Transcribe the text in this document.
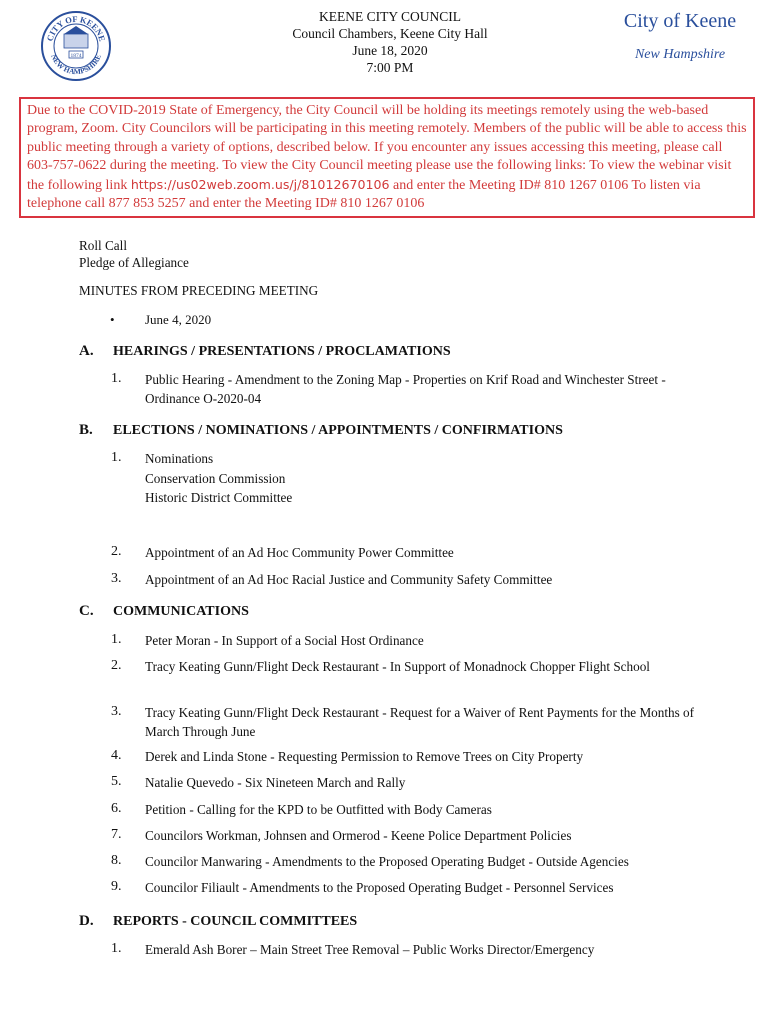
CITY OF KEENE
NEW HAMPSHIRE
1874
KEENE CITY COUNCIL
Council Chambers, Keene City Hall
June 18, 2020
7:00 PM
City of Keene
New Hampshire
Due to the COVID-2019 State of Emergency, the City Council will be holding its meetings remotely using the web-based program, Zoom. City Councilors will be participating in this meeting remotely. Members of the public will be able to access this public meeting through a variety of options, described below. If you encounter any issues accessing this meeting, please call 603-757-0622 during the meeting. To view the City Council meeting please use the following links: To view the webinar visit the following link https://us02web.zoom.us/j/81012670106 and enter the Meeting ID# 810 1267 0106 To listen via telephone call 877 853 5257 and enter the Meeting ID# 810 1267 0106
Roll Call
Pledge of Allegiance
MINUTES FROM PRECEDING MEETING
• June 4, 2020
A. HEARINGS / PRESENTATIONS / PROCLAMATIONS
1. Public Hearing - Amendment to the Zoning Map - Properties on Krif Road and Winchester Street - Ordinance O-2020-04
B. ELECTIONS / NOMINATIONS / APPOINTMENTS / CONFIRMATIONS
1. Nominations
Conservation Commission
Historic District Committee
2. Appointment of an Ad Hoc Community Power Committee
3. Appointment of an Ad Hoc Racial Justice and Community Safety Committee
C. COMMUNICATIONS
1. Peter Moran - In Support of a Social Host Ordinance
2. Tracy Keating Gunn/Flight Deck Restaurant - In Support of Monadnock Chopper Flight School
3. Tracy Keating Gunn/Flight Deck Restaurant - Request for a Waiver of Rent Payments for the Months of March Through June
4. Derek and Linda Stone - Requesting Permission to Remove Trees on City Property
5. Natalie Quevedo - Six Nineteen March and Rally
6. Petition - Calling for the KPD to be Outfitted with Body Cameras
7. Councilors Workman, Johnsen and Ormerod - Keene Police Department Policies
8. Councilor Manwaring - Amendments to the Proposed Operating Budget - Outside Agencies
9. Councilor Filiault - Amendments to the Proposed Operating Budget - Personnel Services
D. REPORTS - COUNCIL COMMITTEES
1. Emerald Ash Borer – Main Street Tree Removal – Public Works Director/Emergency
